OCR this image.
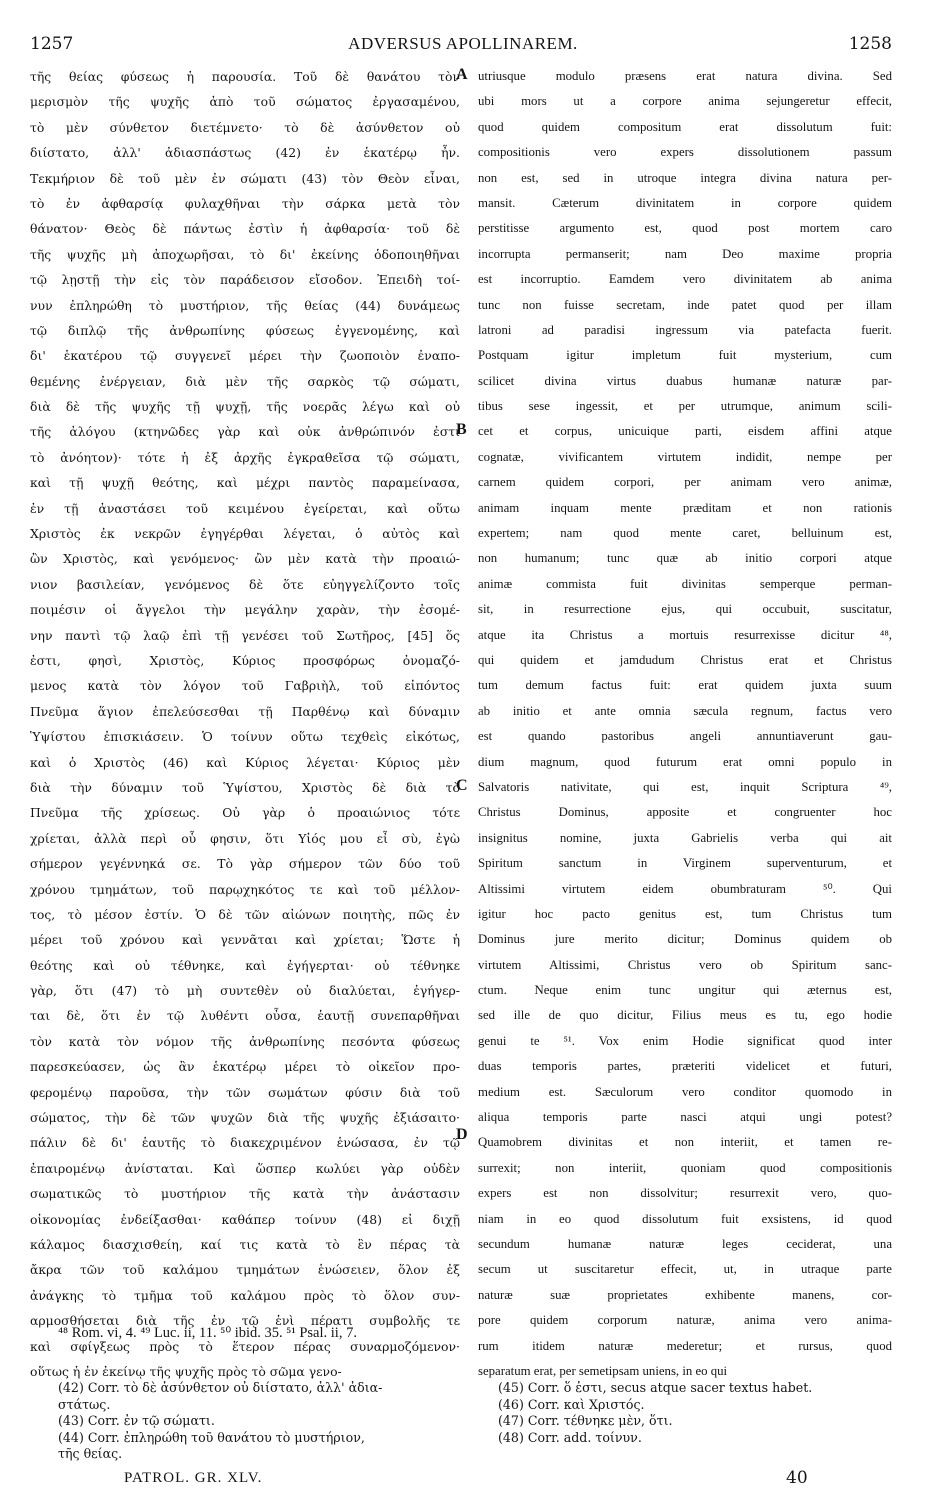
1257	ADVERSUS APOLLINAREM.	1258
τῆς θείας φύσεως ἡ παρουσία. Τοῦ δὲ θανάτου τὸν
μερισμὸν τῆς ψυχῆς ἀπὸ τοῦ σώματος ἐργασαμένου,
τὸ μὲν σύνθετον διετέμνετο· τὸ δὲ ἀσύνθετον οὐ
διίστατο, ἀλλ' ἀδιασπάστως (42) ἐν ἑκατέρῳ ἦν.
Τεκμήριον δὲ τοῦ μὲν ἐν σώματι (43) τὸν Θεὸν εἶναι,
τὸ ἐν ἀφθαρσίᾳ φυλαχθῆναι τὴν σάρκα μετὰ τὸν
θάνατον· Θεὸς δὲ πάντως ἐστὶν ἡ ἀφθαρσία· τοῦ δὲ
τῆς ψυχῆς μὴ ἀποχωρῆσαι, τὸ δι' ἐκείνης ὁδοποιηθῆναι
τῷ λῃστῇ τὴν εἰς τὸν παράδεισον εἴσοδον. Ἐπειδὴ τοί-
νυν ἐπληρώθη τὸ μυστήριον, τῆς θείας (44) δυνάμεως
τῷ διπλῷ τῆς ἀνθρωπίνης φύσεως ἐγγενομένης, καὶ
δι' ἑκατέρου τῷ συγγενεῖ μέρει τὴν ζωοποιὸν ἐναπο-
θεμένης ἐνέργειαν, διὰ μὲν τῆς σαρκὸς τῷ σώματι,
διὰ δὲ τῆς ψυχῆς τῇ ψυχῇ, τῆς νοερᾶς λέγω καὶ οὐ
τῆς ἀλόγου (κτηνῶδες γὰρ καὶ οὐκ ἀνθρώπινόν ἐστι
τὸ ἀνόητον)· τότε ἡ ἐξ ἀρχῆς ἐγκραθεῖσα τῷ σώματι,
καὶ τῇ ψυχῇ θεότης, καὶ μέχρι παντὸς παραμείνασα,
ἐν τῇ ἀναστάσει τοῦ κειμένου ἐγείρεται, καὶ οὕτω
Χριστὸς ἐκ νεκρῶν ἐγηγέρθαι λέγεται, ὁ αὐτὸς καὶ
ὢν Χριστὸς, καὶ γενόμενος· ὢν μὲν κατὰ τὴν προαιώ-
νιον βασιλείαν, γενόμενος δὲ ὅτε εὐηγγελίζοντο τοῖς
ποιμέσιν οἱ ἄγγελοι τὴν μεγάλην χαρὰν, τὴν ἐσομέ-
νην παντὶ τῷ λαῷ ἐπὶ τῇ γενέσει τοῦ Σωτῆρος, [45] ὅς
ἐστι, φησὶ, Χριστὸς, Κύριος προσφόρως ὀνομαζό-
μενος κατὰ τὸν λόγον τοῦ Γαβριὴλ, τοῦ εἰπόντος
Πνεῦμα ἅγιον ἐπελεύσεσθαι τῇ Παρθένῳ καὶ δύναμιν
Ὑψίστου ἐπισκιάσειν. Ὁ τοίνυν οὕτω τεχθεὶς εἰκότως,
καὶ ὁ Χριστὸς (46) καὶ Κύριος λέγεται· Κύριος μὲν
διὰ τὴν δύναμιν τοῦ Ὑψίστου, Χριστὸς δὲ διὰ τὸ
Πνεῦμα τῆς χρίσεως. Οὐ γὰρ ὁ προαιώνιος τότε
χρίεται, ἀλλὰ περὶ οὗ φησιν, ὅτι Υἱός μου εἶ σὺ, ἐγὼ
σήμερον γεγέννηκά σε. Τὸ γὰρ σήμερον τῶν δύο τοῦ
χρόνου τμημάτων, τοῦ παρῳχηκότος τε καὶ τοῦ μέλλον-
τος, τὸ μέσον ἐστίν. Ὁ δὲ τῶν αἰώνων ποιητὴς, πῶς ἐν
μέρει τοῦ χρόνου καὶ γεννᾶται καὶ χρίεται; Ὥστε ἡ
θεότης καὶ οὐ τέθνηκε, καὶ ἐγήγερται· οὐ τέθνηκε
γὰρ, ὅτι (47) τὸ μὴ συντεθὲν οὐ διαλύεται, ἐγήγερ-
ται δὲ, ὅτι ἐν τῷ λυθέντι οὖσα, ἑαυτῇ συνεπαρθῆναι
τὸν κατὰ τὸν νόμον τῆς ἀνθρωπίνης πεσόντα φύσεως
παρεσκεύασεν, ὡς ἂν ἑκατέρῳ μέρει τὸ οἰκεῖον προ-
φερομένῳ παροῦσα, τὴν τῶν σωμάτων φύσιν διὰ τοῦ
σώματος, τὴν δὲ τῶν ψυχῶν διὰ τῆς ψυχῆς ἐξιάσαιτο·
πάλιν δὲ δι' ἑαυτῆς τὸ διακεχριμένον ἑνώσασα, ἐν τῷ
ἐπαιρομένῳ ἀνίσταται. Καὶ ὥσπερ κωλύει γὰρ οὐδὲν
σωματικῶς τὸ μυστήριον τῆς κατὰ τὴν ἀνάστασιν
οἰκονομίας ἐνδείξασθαι· καθάπερ τοίνυν (48) εἰ διχῇ
κάλαμος διασχισθείη, καί τις κατὰ τὸ ἓν πέρας τὰ
ἄκρα τῶν τοῦ καλάμου τμημάτων ἑνώσειεν, ὅλον ἐξ
ἀνάγκης τὸ τμῆμα τοῦ καλάμου πρὸς τὸ ὅλον συν-
αρμοσθήσεται διὰ τῆς ἐν τῷ ἑνὶ πέρατι συμβολῆς τε
καὶ σφίγξεως πρὸς τὸ ἕτερον πέρας συναρμοζόμενον·
οὕτως ἡ ἐν ἐκείνῳ τῆς ψυχῆς πρὸς τὸ σῶμα γενο-
utriusque modulo præsens erat natura divina. Sed
ubi mors ut a corpore anima sejungeretur effecit,
quod quidem compositum erat dissolutum fuit:
compositionis vero expers dissolutionem passum
non est, sed in utroque integra divina natura per-
mansit. Cæterum divinitatem in corpore quidem
perstitisse argumento est, quod post mortem caro
incorrupta permanserit; nam Deo maxime propria
est incorruptio. Eamdem vero divinitatem ab anima
tunc non fuisse secretam, inde patet quod per illam
latroni ad paradisi ingressum via patefacta fuerit.
Postquam igitur impletum fuit mysterium, cum
scilicet divina virtus duabus humanæ naturæ par-
tibus sese ingessit, et per utrumque, animum scili-
cet et corpus, unicuique parti, eisdem affini atque
cognatæ, vivificantem virtutem indidit, nempe per
carnem quidem corpori, per animam vero animæ,
animam inquam mente præditam et non rationis
expertem; nam quod mente caret, belluinum est,
non humanum; tunc quæ ab initio corpori atque
animæ commista fuit divinitas semperque perman-
sit, in resurrectione ejus, qui occubuit, suscitatur,
atque ita Christus a mortuis resurrexisse dicitur ⁴⁸,
qui quidem et jamdudum Christus erat et Christus
tum demum factus fuit: erat quidem juxta suum
ab initio et ante omnia sæcula regnum, factus vero
est quando pastoribus angeli annuntiaverunt gau-
dium magnum, quod futurum erat omni populo in
Salvatoris nativitate, qui est, inquit Scriptura ⁴⁹,
Christus Dominus, apposite et congruenter hoc
insignitus nomine, juxta Gabrielis verba qui ait
Spiritum sanctum in Virginem superventurum, et
Altissimi virtutem eidem obumbraturam ⁵⁰. Qui
igitur hoc pacto genitus est, tum Christus tum
Dominus jure merito dicitur; Dominus quidem ob
virtutem Altissimi, Christus vero ob Spiritum sanc-
ctum. Neque enim tunc ungitur qui æternus est,
sed ille de quo dicitur, Filius meus es tu, ego hodie
genui te ⁵¹. Vox enim Hodie significat quod inter
duas temporis partes, præteriti videlicet et futuri,
medium est. Sæculorum vero conditor quomodo in
aliqua temporis parte nasci atqui ungi potest?
Quamobrem divinitas et non interiit, et tamen re-
surrexit; non interiit, quoniam quod compositionis
expers est non dissolvitur; resurrexit vero, quo-
niam in eo quod dissolutum fuit exsistens, id quod
secundum humanæ naturæ leges ceciderat, una
secum ut suscitaretur effecit, ut, in utraque parte
naturæ suæ proprietates exhibente manens, cor-
pore quidem corporum naturæ, anima vero anima-
rum itidem naturæ mederetur; et rursus, quod
separatum erat, per semetipsam uniens, in eo qui
A
B
C
D
⁴⁸ Rom. vi, 4. ⁴⁹ Luc. ii, 11. ⁵⁰ ibid. 35. ⁵¹ Psal. ii, 7.
(42) Corr. τὸ δὲ ἀσύνθετον οὐ διίστατο, ἀλλ' ἀδια-
στάτως.
(43) Corr. ἐν τῷ σώματι.
(44) Corr. ἐπληρώθη τοῦ θανάτου τὸ μυστήριον,
τῆς θείας.
(45) Corr. ὅ ἐστι, secus atque sacer textus habet.
(46) Corr. καὶ Χριστός.
(47) Corr. τέθνηκε μὲν, ὅτι.
(48) Corr. add. τοίνυν.
PATROL. GR. XLV.	40
